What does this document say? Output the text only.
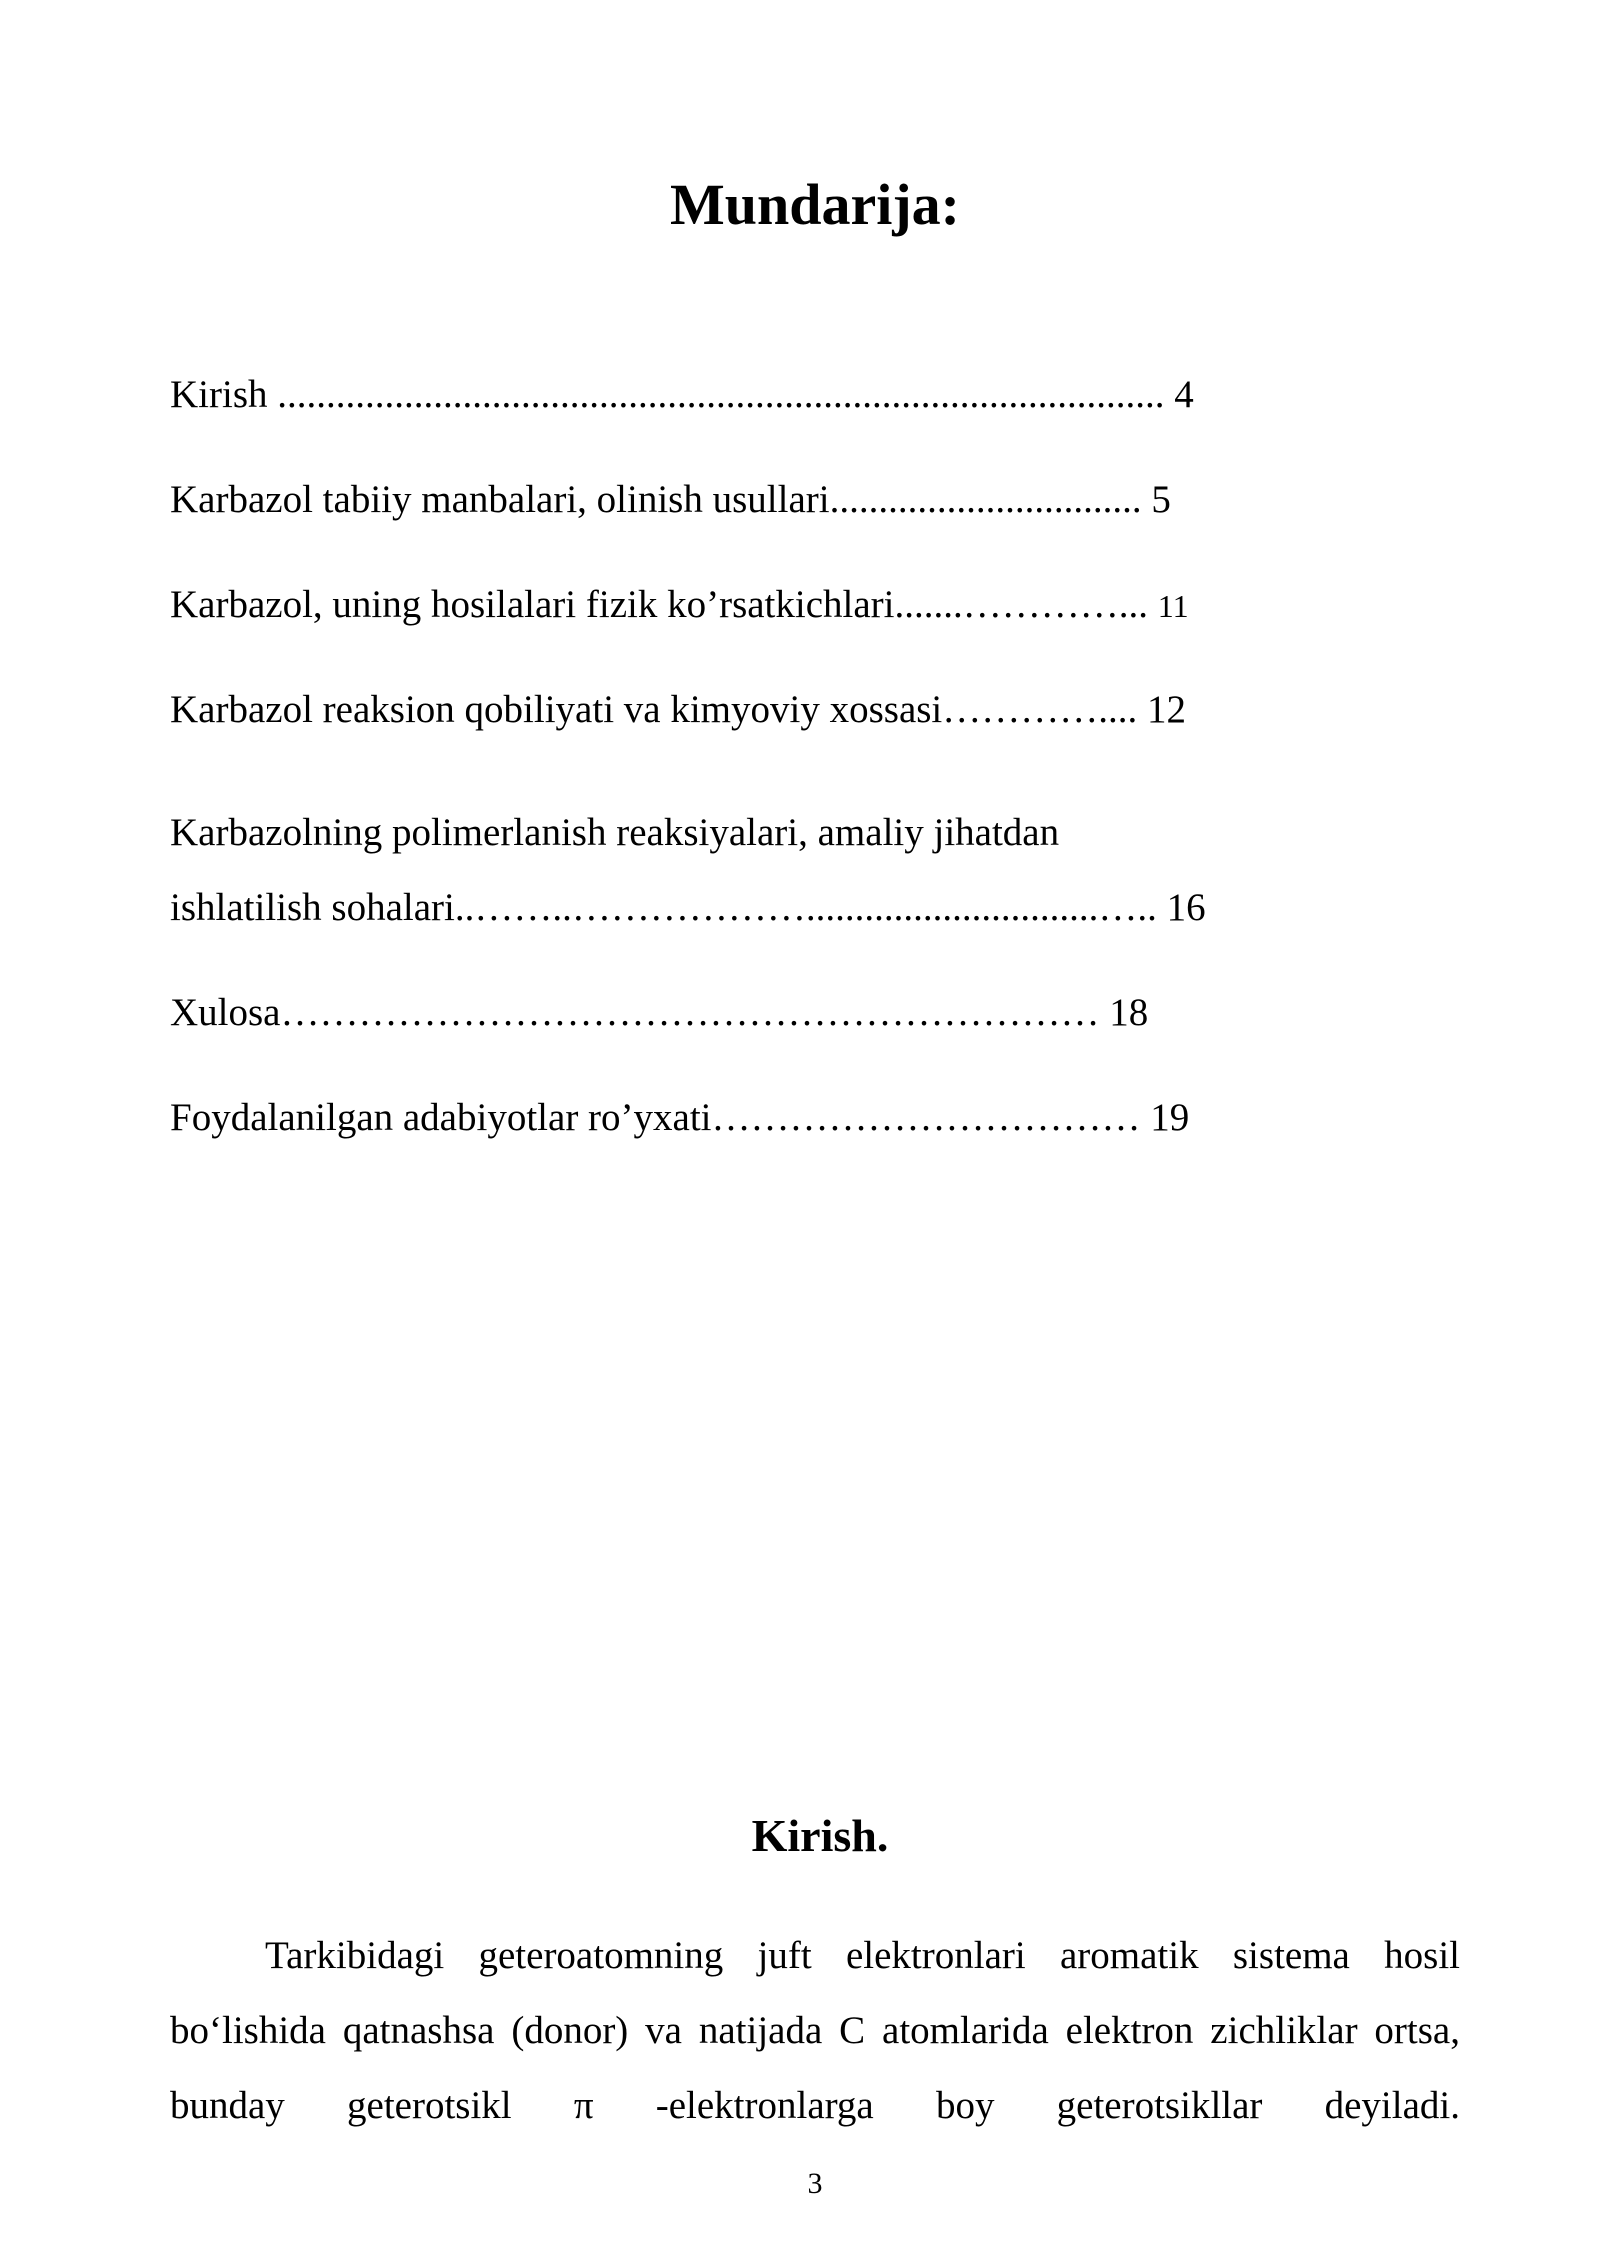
Mundarija:
Kirish ........................................................................................... 4
Karbazol tabiiy manbalari, olinish usullari................................ 5
Karbazol, uning hosilalari fizik ko’rsatkichlari.......…………... 11
Karbazol reaksion qobiliyati va kimyoviy xossasi………….... 12
Karbazolning polimerlanish reaksiyalari, amaliy jihatdan
ishlatilish sohalari..……..………………..............................….. 16
Xulosa……………………………………………………… 18
Foydalanilgan adabiyotlar ro’yxati…………………………… 19
Kirish.
Tarkibidagi geteroatomning juft elektronlari aromatik sistema hosil bo‘lishida qatnashsa (donor) va natijada C atomlarida elektron zichliklar ortsa, bunday geterotsikl π -elektronlarga boy geterotsikllar deyiladi.
3
